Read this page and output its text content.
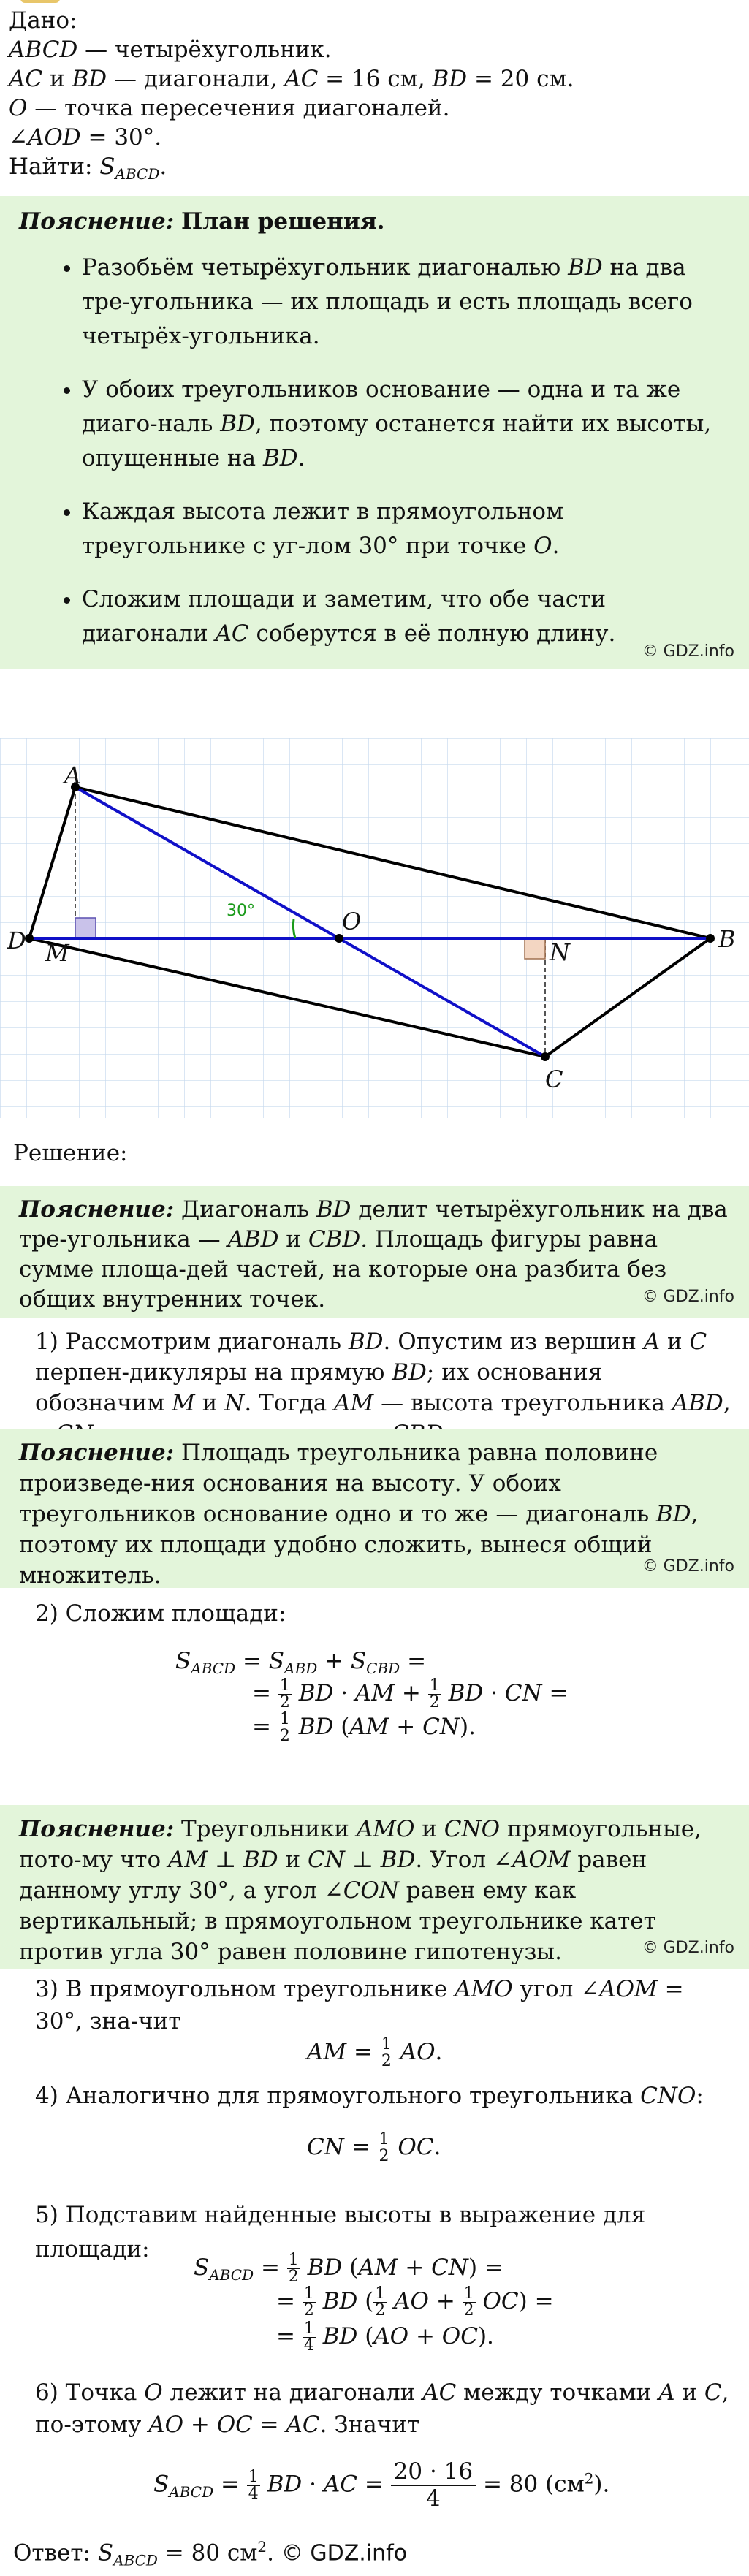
Дано:

ABCD — четырёхугольник.

AC и BD — диагонали, AC = 16 см, BD = 20 см.

O — точка пересечения диагоналей.

∠AOD = 30°.

Найти: $S_{ABCD}$.

Пояснение: План решения.
• Разобьём четырёхугольник диагональю BD на два тре-угольника — их площадь и есть площадь всего четырёх-угольника.
• У обоих треугольников основание — одна и та же диаго-наль BD, поэтому останется найти их высоты, опущенные на BD.
• Каждая высота лежит в прямоугольном треугольнике с уг-лом 30° при точке O.
• Сложим площади и заметим, что обе части диагонали AC соберутся в её полную длину.
© GDZ.info
30°
A
B
C
D
O
M	N
Решение:
Пояснение: Диагональ BD делит четырёхугольник на два тре-угольника — ABD и CBD. Площадь фигуры равна сумме площа-дей частей, на которые она разбита без общих внутренних точек.	© GDZ.info
1) Рассмотрим диагональ BD. Опустим из вершин A и C перпен-дикуляры на прямую BD; их основания обозначим M и N. Тогда AM — высота треугольника ABD,
Пояснение: Площадь треугольника равна половине произведе-ния основания на высоту. У обоих треугольников основание одно и то же — диагональ BD, поэтому их площади удобно сложить, вынеся общий множитель.	© GDZ.info
2) Сложим площади:
$S_{ABCD} = S_{ABD} + S_{CBD}$ =
= $\frac{1}{2}$ BD · AM + $\frac{1}{2}$ BD · CN =
= $\frac{1}{2}$ BD (AM + CN).
Пояснение: Треугольники AMO и CNO прямоугольные, пото-му что AM ⊥ BD и CN ⊥ BD. Угол ∠AOM равен данному углу 30°, а угол ∠CON равен ему как вертикальный; в прямоугольном треугольнике катет против угла 30° равен половине гипотенузы.	© GDZ.info
3) В прямоугольном треугольнике AMO угол ∠AOM = 30°, зна-чит
AM = $\frac{1}{2}$ AO.
4) Аналогично для прямоугольного треугольника CNO:
CN = $\frac{1}{2}$ OC.
5) Подставим найденные высоты в выражение для площади:
$S_{ABCD} = \frac{1}{2}$ BD (AM + CN) =
= $\frac{1}{2}$ BD ( $\frac{1}{2}$ AO + $\frac{1}{2} OC$) =
= $\frac{1}{4}$ BD (AO + OC).
6) Точка O лежит на диагонали AC между точками A и C, по-этому AO + OC = AC. Значит
$S_{ABCD} = \frac{1}{4}$ BD · AC = $\frac{20 \cdot 16}{4} = 80$ $(см^2)$.
Ответ: $S_{ABCD} = 80$ $см^2$. © GDZ.info
